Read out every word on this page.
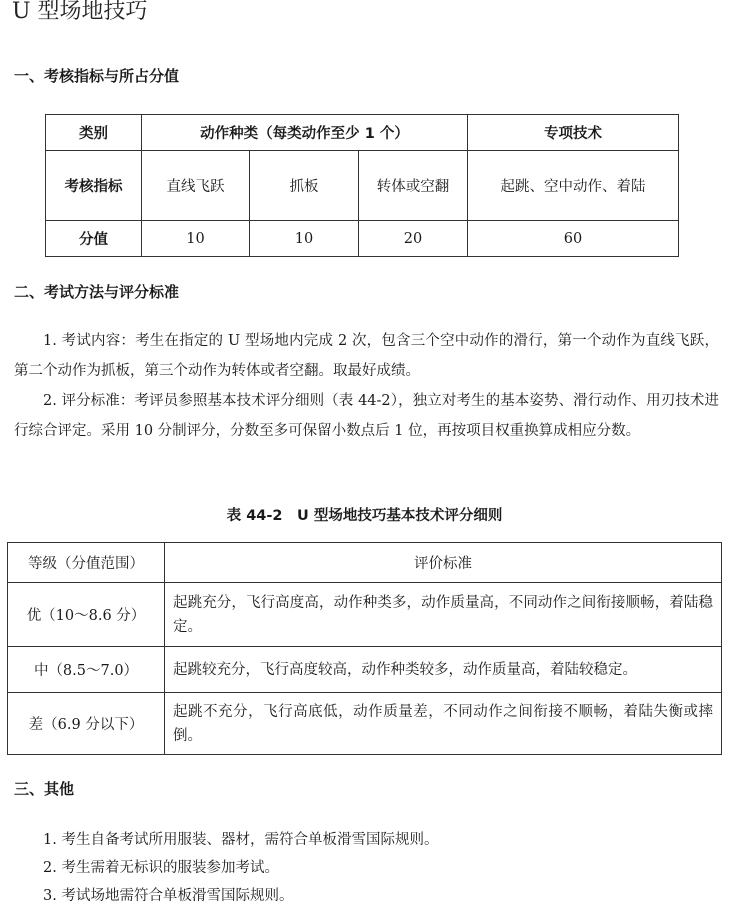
U 型场地技巧
一、考核指标与所占分值
类别	动作种类（每类动作至少 1 个）			专项技术
考核指标	直线飞跃	抓板	转体或空翻	起跳、空中动作、着陆
分值	10	10	20	60
二、考试方法与评分标准

1. 考试内容：考生在指定的 U 型场地内完成 2 次，包含三个空中动作的滑行，第一个动作为直线飞跃，第二个动作为抓板，第三个动作为转体或者空翻。取最好成绩。

2. 评分标准：考评员参照基本技术评分细则（表 44-2），独立对考生的基本姿势、滑行动作、用刃技术进行综合评定。采用 10 分制评分，分数至多可保留小数点后 1 位，再按项目权重换算成相应分数。

表 44-2　U 型场地技巧基本技术评分细则
等级（分值范围）	评价标准
优（10～8.6 分）	起跳充分，飞行高度高，动作种类多，动作质量高，不同动作之间衔接顺畅，着陆稳定。
中（8.5～7.0）	起跳较充分，飞行高度较高，动作种类较多，动作质量高，着陆较稳定。
差（6.9 分以下）	起跳不充分，飞行高底低，动作质量差，不同动作之间衔接不顺畅，着陆失衡或摔倒。
三、其他

1. 考生自备考试所用服装、器材，需符合单板滑雪国际规则。

2. 考生需着无标识的服装参加考试。

3. 考试场地需符合单板滑雪国际规则。
